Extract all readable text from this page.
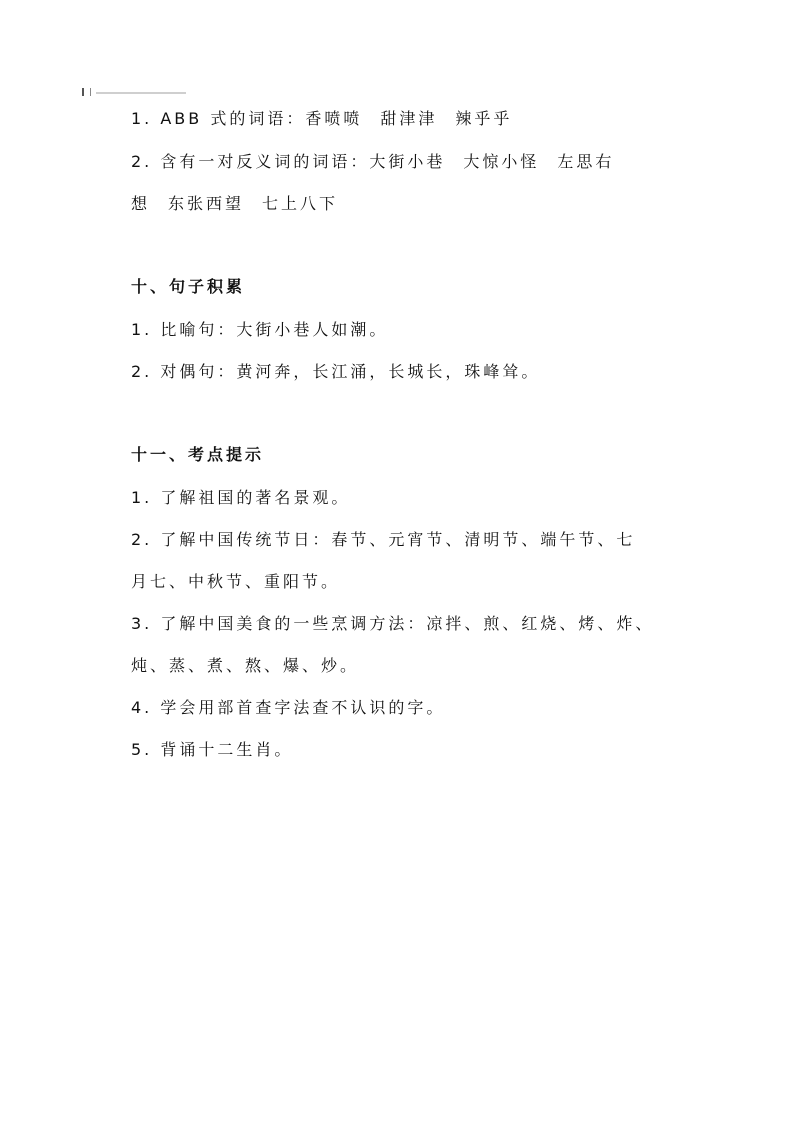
1. ABB 式的词语：香喷喷 甜津津 辣乎乎
2. 含有一对反义词的词语：大街小巷 大惊小怪 左思右
想 东张西望 七上八下
十、句子积累
1. 比喻句：大街小巷人如潮。
2. 对偶句：黄河奔，长江涌，长城长，珠峰耸。
十一、考点提示
1. 了解祖国的著名景观。
2. 了解中国传统节日：春节、元宵节、清明节、端午节、七
月七、中秋节、重阳节。
3. 了解中国美食的一些烹调方法：凉拌、煎、红烧、烤、炸、
炖、蒸、煮、熬、爆、炒。
4. 学会用部首查字法查不认识的字。
5. 背诵十二生肖。
